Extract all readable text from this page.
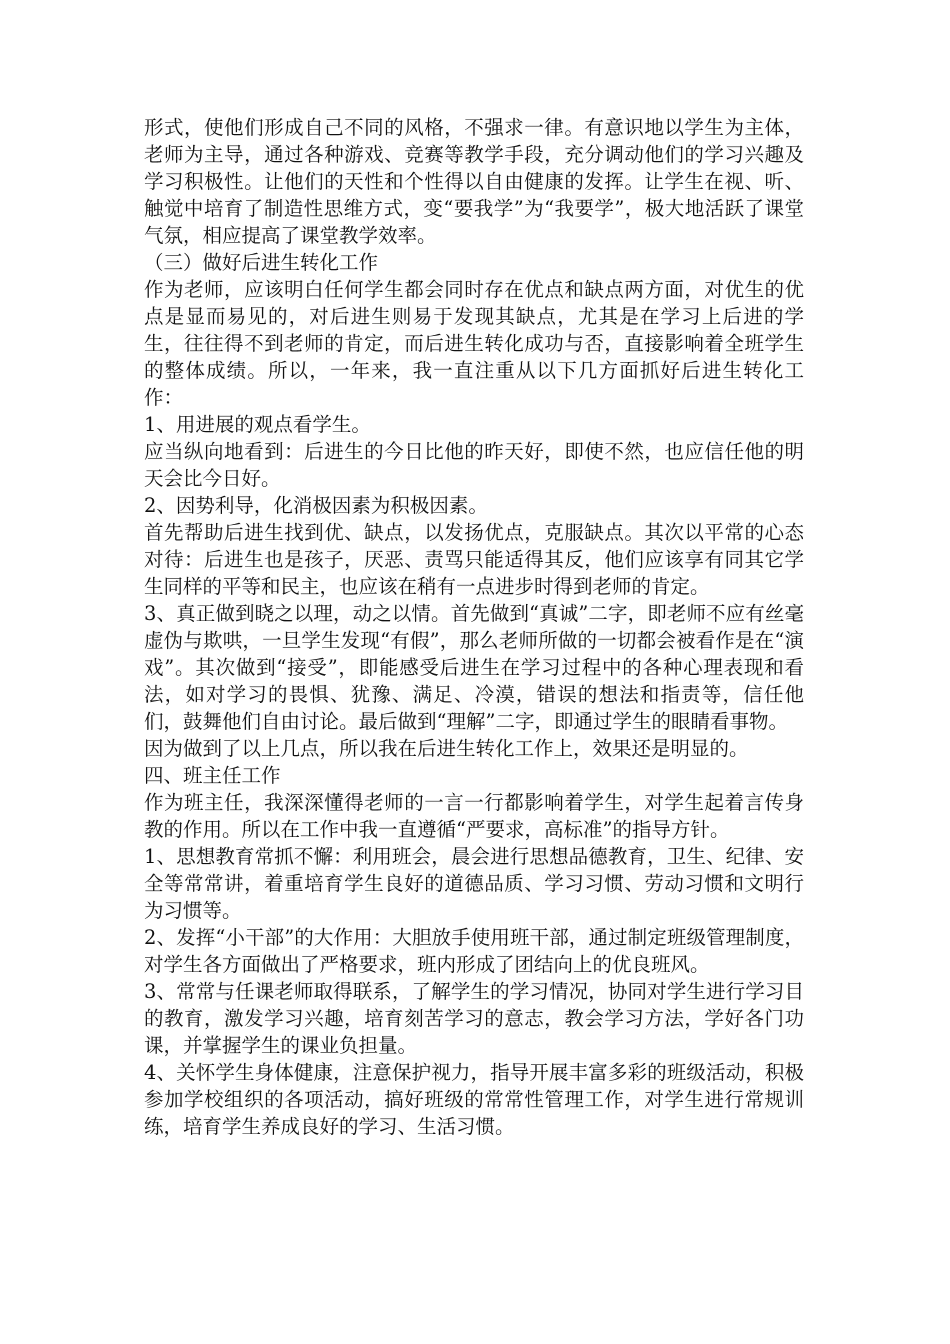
形式，使他们形成自己不同的风格，不强求一律。有意识地以学生为主体，老师为主导，通过各种游戏、竞赛等教学手段，充分调动他们的学习兴趣及学习积极性。让他们的天性和个性得以自由健康的发挥。让学生在视、听、触觉中培育了制造性思维方式，变“要我学”为“我要学”，极大地活跃了课堂气氛，相应提高了课堂教学效率。

（三）做好后进生转化工作

作为老师，应该明白任何学生都会同时存在优点和缺点两方面，对优生的优点是显而易见的，对后进生则易于发现其缺点，尤其是在学习上后进的学生，往往得不到老师的肯定，而后进生转化成功与否，直接影响着全班学生的整体成绩。所以，一年来，我一直注重从以下几方面抓好后进生转化工作：

1、用进展的观点看学生。

应当纵向地看到：后进生的今日比他的昨天好，即使不然，也应信任他的明天会比今日好。

2、因势利导，化消极因素为积极因素。

首先帮助后进生找到优、缺点，以发扬优点，克服缺点。其次以平常的心态对待：后进生也是孩子，厌恶、责骂只能适得其反，他们应该享有同其它学生同样的平等和民主，也应该在稍有一点进步时得到老师的肯定。

3、真正做到晓之以理，动之以情。首先做到“真诚”二字，即老师不应有丝毫虚伪与欺哄，一旦学生发现“有假”，那么老师所做的一切都会被看作是在“演戏”。其次做到“接受”，即能感受后进生在学习过程中的各种心理表现和看法，如对学习的畏惧、犹豫、满足、冷漠，错误的想法和指责等，信任他们，鼓舞他们自由讨论。最后做到“理解”二字，即通过学生的眼睛看事物。

因为做到了以上几点，所以我在后进生转化工作上，效果还是明显的。

四、班主任工作

作为班主任，我深深懂得老师的一言一行都影响着学生，对学生起着言传身教的作用。所以在工作中我一直遵循“严要求，高标准”的指导方针。

1、思想教育常抓不懈：利用班会，晨会进行思想品德教育，卫生、纪律、安全等常常讲，着重培育学生良好的道德品质、学习习惯、劳动习惯和文明行为习惯等。

2、发挥“小干部”的大作用：大胆放手使用班干部，通过制定班级管理制度，对学生各方面做出了严格要求，班内形成了团结向上的优良班风。

3、常常与任课老师取得联系，了解学生的学习情况，协同对学生进行学习目的教育，激发学习兴趣，培育刻苦学习的意志，教会学习方法，学好各门功课，并掌握学生的课业负担量。

4、关怀学生身体健康，注意保护视力，指导开展丰富多彩的班级活动，积极参加学校组织的各项活动，搞好班级的常常性管理工作，对学生进行常规训练，培育学生养成良好的学习、生活习惯。
